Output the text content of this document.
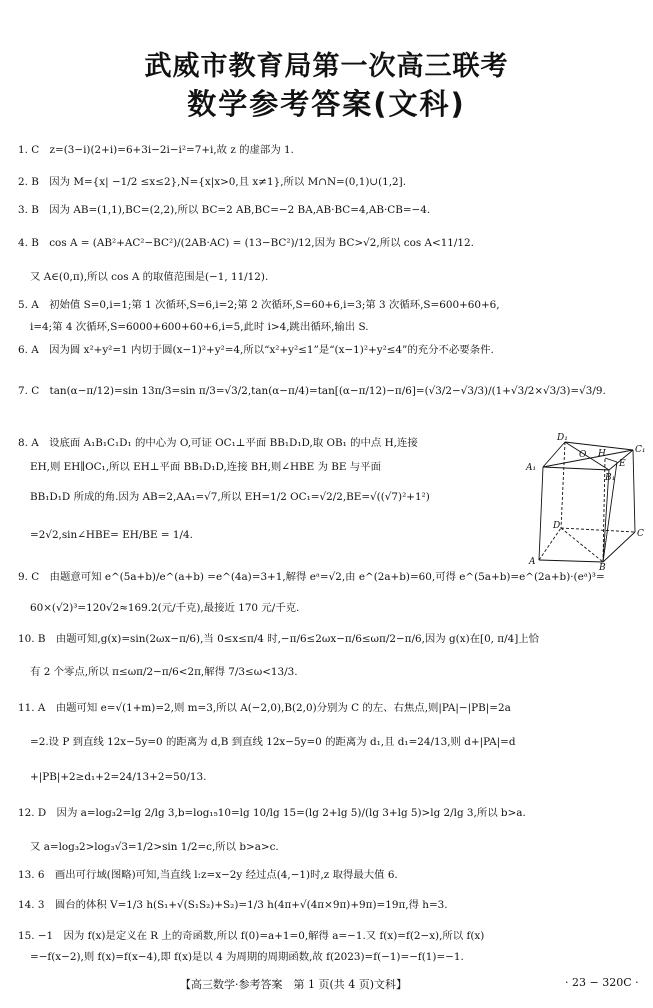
武威市教育局第一次高三联考
数学参考答案(文科)
1. C　z=(3−i)(2+i)=6+3i−2i−i²=7+i,故 z 的虚部为 1.
2. B　因为 M={x| −1/2 ≤x≤2},N={x|x>0,且 x≠1},所以 M∩N=(0,1)∪(1,2].
3. B　因为 AB=(1,1),BC=(2,2),所以 BC=2 AB,BC=−2 BA,AB·BC=4,AB·CB=−4.
4. B　cos A = (AB²+AC²−BC²)/(2AB·AC) = (13−BC²)/12,因为 BC>√2,所以 cos A<11/12.
又 A∈(0,π),所以 cos A 的取值范围是(−1, 11/12).
5. A　初始值 S=0,i=1;第 1 次循环,S=6,i=2;第 2 次循环,S=60+6,i=3;第 3 次循环,S=600+60+6,
i=4;第 4 次循环,S=6000+600+60+6,i=5,此时 i>4,跳出循环,输出 S.
6. A　因为圆 x²+y²=1 内切于圆(x−1)²+y²=4,所以“x²+y²≤1”是“(x−1)²+y²≤4”的充分不必要条件.
7. C　tan(α−π/12)=sin 13π/3=sin π/3=√3/2,tan(α−π/4)=tan[(α−π/12)−π/6]=(√3/2−√3/3)/(1+√3/2×√3/3)=√3/9.
8. A　设底面 A₁B₁C₁D₁ 的中心为 O,可证 OC₁⊥平面 BB₁D₁D,取 OB₁ 的中点 H,连接
EH,则 EH∥OC₁,所以 EH⊥平面 BB₁D₁D,连接 BH,则∠HBE 为 BE 与平面
BB₁D₁D 所成的角.因为 AB=2,AA₁=√7,所以 EH=1/2 OC₁=√2/2,BE=√((√7)²+1²)
=2√2,sin∠HBE= EH/BE = 1/4.
9. C　由题意可知 e^(5a+b)/e^(a+b) =e^(4a)=3+1,解得 eᵃ=√2,由 e^(2a+b)=60,可得 e^(5a+b)=e^(2a+b)·(eᵃ)³=
60×(√2)³=120√2≈169.2(元/千克),最接近 170 元/千克.
10. B　由题可知,g(x)=sin(2ωx−π/6),当 0≤x≤π/4 时,−π/6≤2ωx−π/6≤ωπ/2−π/6,因为 g(x)在[0, π/4]上恰
有 2 个零点,所以 π≤ωπ/2−π/6<2π,解得 7/3≤ω<13/3.
11. A　由题可知 e=√(1+m)=2,则 m=3,所以 A(−2,0),B(2,0)分别为 C 的左、右焦点,则|PA|−|PB|=2a
=2.设 P 到直线 12x−5y=0 的距离为 d,B 到直线 12x−5y=0 的距离为 d₁,且 d₁=24/13,则 d+|PA|=d
+|PB|+2≥d₁+2=24/13+2=50/13.
12. D　因为 a=log₃2=lg 2/lg 3,b=log₁₅10=lg 10/lg 15=(lg 2+lg 5)/(lg 3+lg 5)>lg 2/lg 3,所以 b>a.
又 a=log₃2>log₃√3=1/2>sin 1/2=c,所以 b>a>c.
13. 6　画出可行域(图略)可知,当直线 l:z=x−2y 经过点(4,−1)时,z 取得最大值 6.
14. 3　圆台的体积 V=1/3 h(S₁+√(S₁S₂)+S₂)=1/3 h(4π+√(4π×9π)+9π)=19π,得 h=3.
15. −1　因为 f(x)是定义在 R 上的奇函数,所以 f(0)=a+1=0,解得 a=−1.又 f(x)=f(2−x),所以 f(x)
=−f(x−2),则 f(x)=f(x−4),即 f(x)是以 4 为周期的周期函数,故 f(2023)=f(−1)=−f(1)=−1.
D₁
C₁
A₁
B₁
O H
E
D
C
A
B
【高三数学·参考答案　第 1 页(共 4 页)文科】	· 23 − 320C ·
